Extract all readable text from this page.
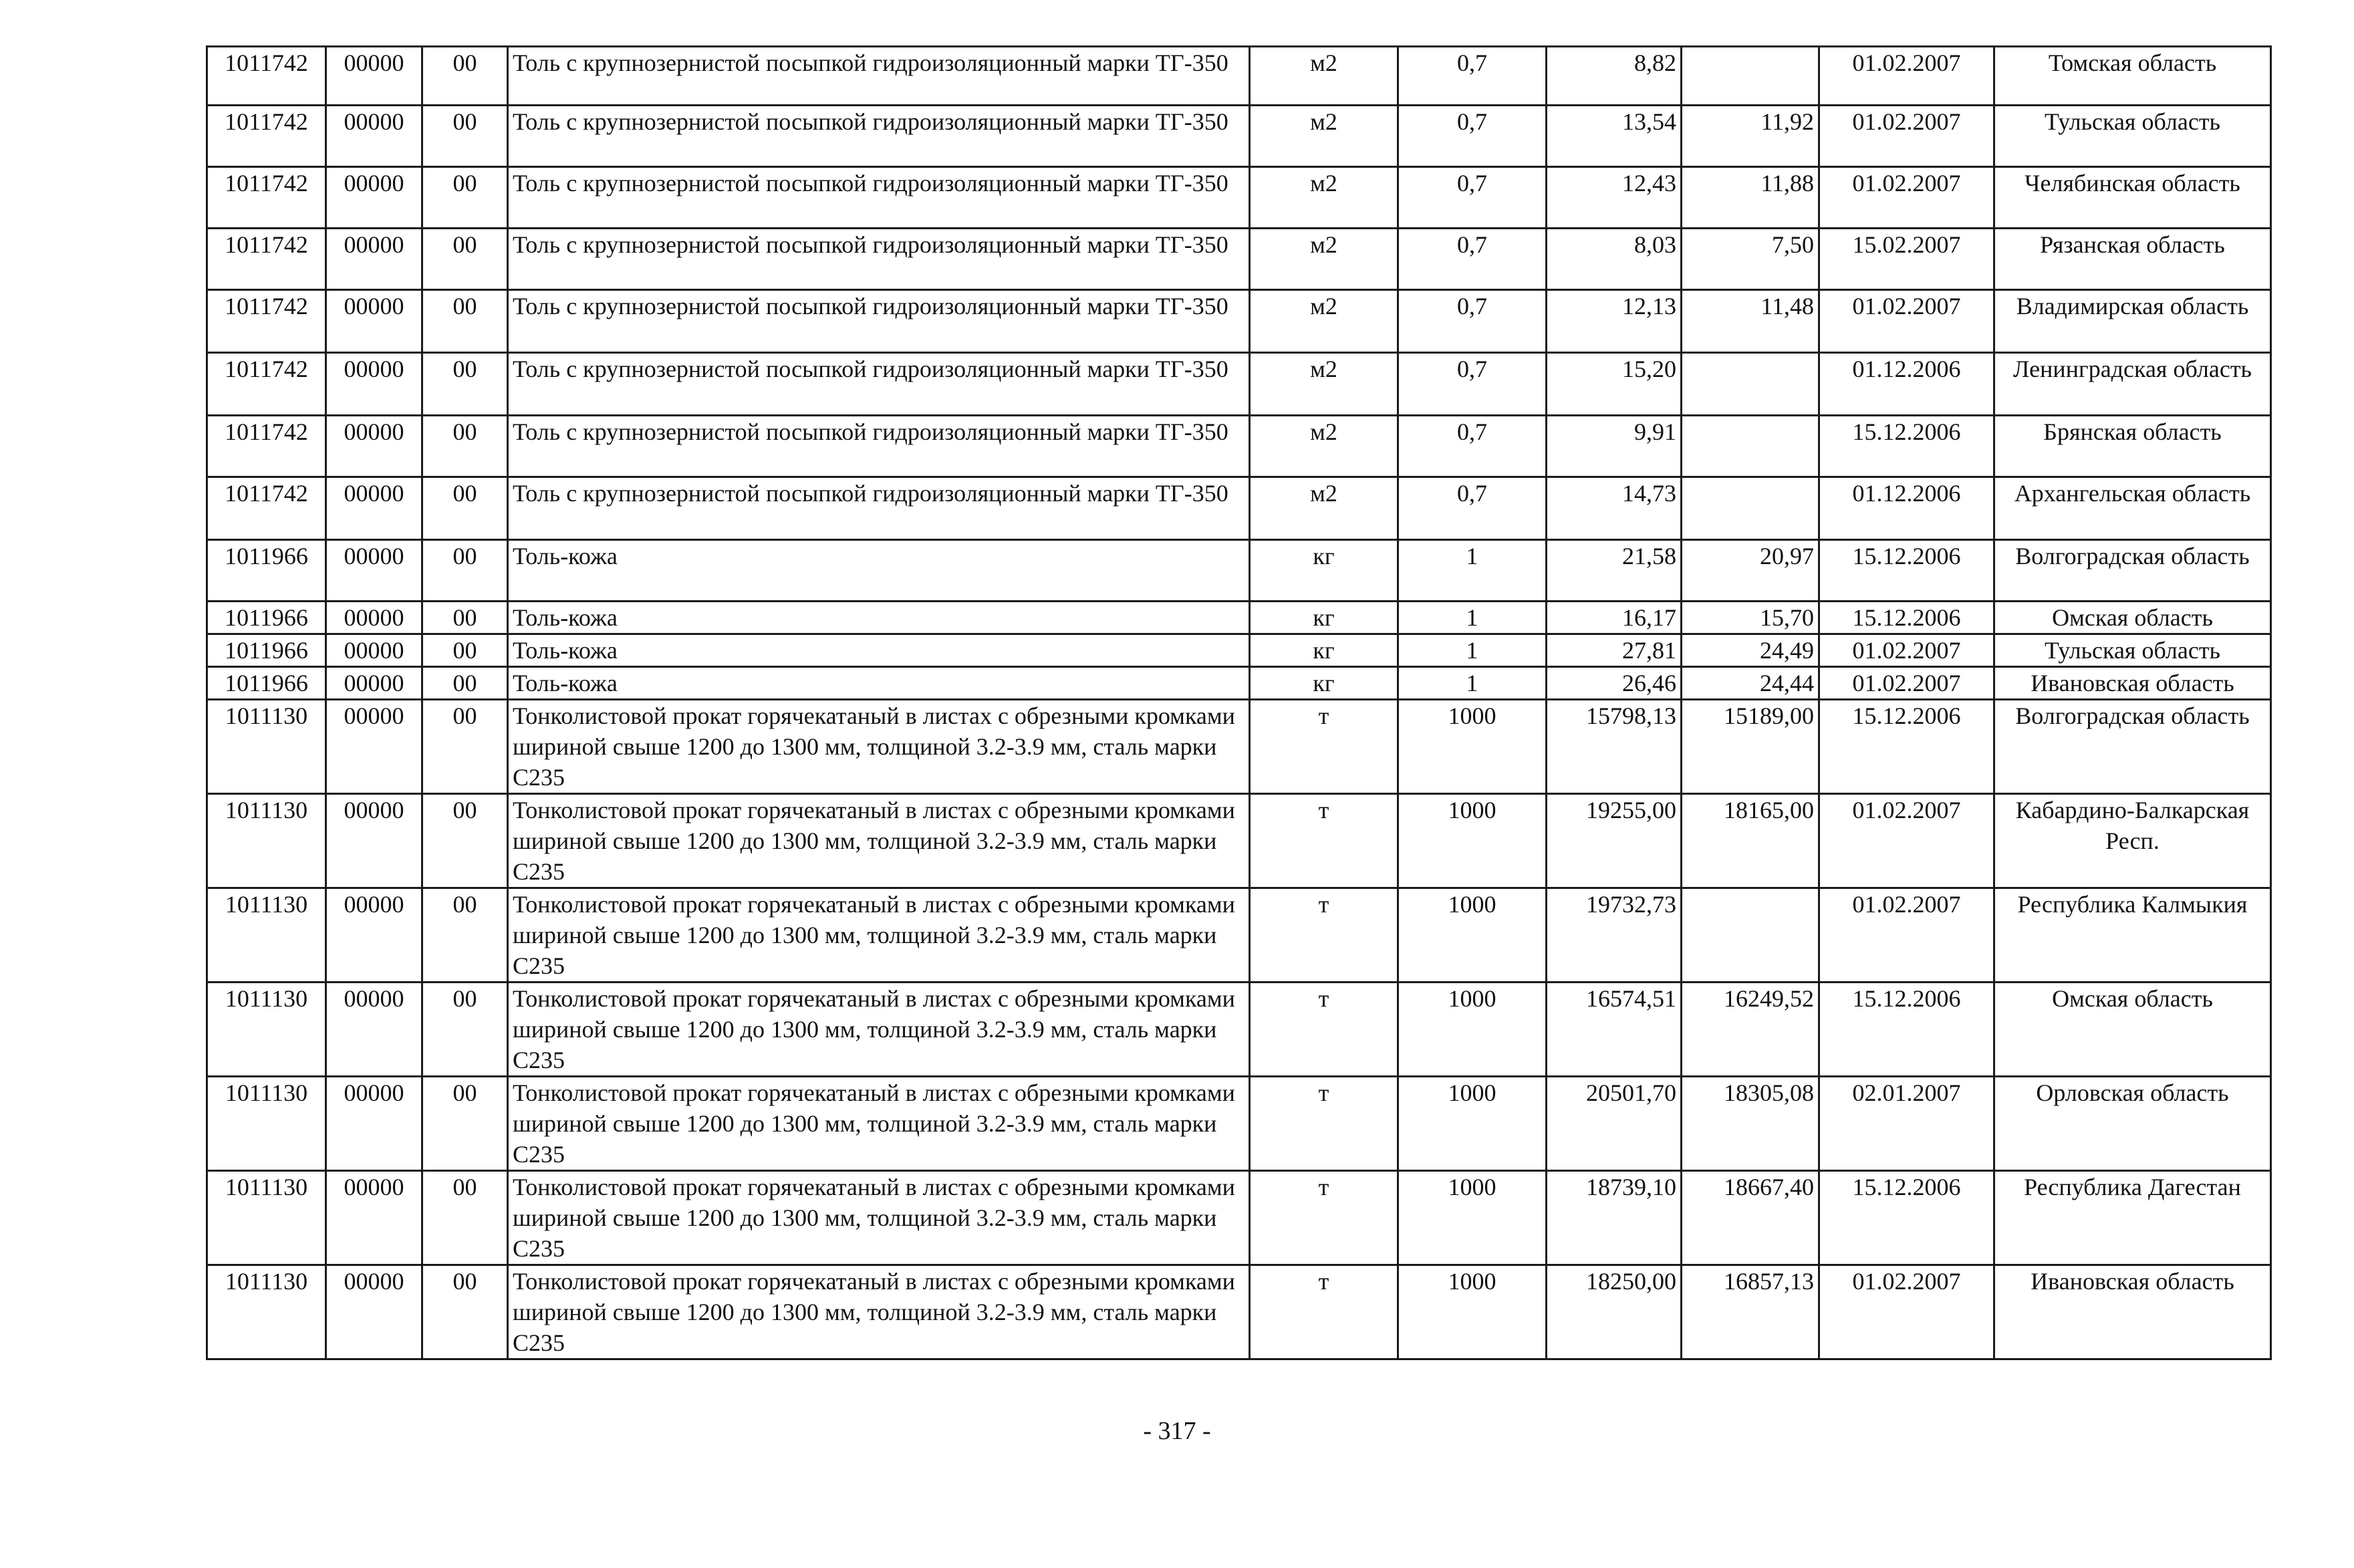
1011742	00000	00	Толь с крупнозернистой посыпкой гидроизоляционный марки ТГ-350	м2	0,7	8,82		01.02.2007	Томская область
1011742	00000	00	Толь с крупнозернистой посыпкой гидроизоляционный марки ТГ-350	м2	0,7	13,54	11,92	01.02.2007	Тульская область
1011742	00000	00	Толь с крупнозернистой посыпкой гидроизоляционный марки ТГ-350	м2	0,7	12,43	11,88	01.02.2007	Челябинская область
1011742	00000	00	Толь с крупнозернистой посыпкой гидроизоляционный марки ТГ-350	м2	0,7	8,03	7,50	15.02.2007	Рязанская область
1011742	00000	00	Толь с крупнозернистой посыпкой гидроизоляционный марки ТГ-350	м2	0,7	12,13	11,48	01.02.2007	Владимирская область
1011742	00000	00	Толь с крупнозернистой посыпкой гидроизоляционный марки ТГ-350	м2	0,7	15,20		01.12.2006	Ленинградская область
1011742	00000	00	Толь с крупнозернистой посыпкой гидроизоляционный марки ТГ-350	м2	0,7	9,91		15.12.2006	Брянская область
1011742	00000	00	Толь с крупнозернистой посыпкой гидроизоляционный марки ТГ-350	м2	0,7	14,73		01.12.2006	Архангельская область
1011966	00000	00	Толь-кожа	кг	1	21,58	20,97	15.12.2006	Волгоградская область
1011966	00000	00	Толь-кожа	кг	1	16,17	15,70	15.12.2006	Омская область
1011966	00000	00	Толь-кожа	кг	1	27,81	24,49	01.02.2007	Тульская область
1011966	00000	00	Толь-кожа	кг	1	26,46	24,44	01.02.2007	Ивановская область
1011130	00000	00	Тонколистовой прокат горячекатаный в листах с обрезными кромками шириной свыше 1200 до 1300 мм, толщиной 3.2-3.9 мм, сталь марки С235	т	1000	15798,13	15189,00	15.12.2006	Волгоградская область
1011130	00000	00	Тонколистовой прокат горячекатаный в листах с обрезными кромками шириной свыше 1200 до 1300 мм, толщиной 3.2-3.9 мм, сталь марки С235	т	1000	19255,00	18165,00	01.02.2007	Кабардино-Балкарская Респ.
1011130	00000	00	Тонколистовой прокат горячекатаный в листах с обрезными кромками шириной свыше 1200 до 1300 мм, толщиной 3.2-3.9 мм, сталь марки С235	т	1000	19732,73		01.02.2007	Республика Калмыкия
1011130	00000	00	Тонколистовой прокат горячекатаный в листах с обрезными кромками шириной свыше 1200 до 1300 мм, толщиной 3.2-3.9 мм, сталь марки С235	т	1000	16574,51	16249,52	15.12.2006	Омская область
1011130	00000	00	Тонколистовой прокат горячекатаный в листах с обрезными кромками шириной свыше 1200 до 1300 мм, толщиной 3.2-3.9 мм, сталь марки С235	т	1000	20501,70	18305,08	02.01.2007	Орловская область
1011130	00000	00	Тонколистовой прокат горячекатаный в листах с обрезными кромками шириной свыше 1200 до 1300 мм, толщиной 3.2-3.9 мм, сталь марки С235	т	1000	18739,10	18667,40	15.12.2006	Республика Дагестан
1011130	00000	00	Тонколистовой прокат горячекатаный в листах с обрезными кромками шириной свыше 1200 до 1300 мм, толщиной 3.2-3.9 мм, сталь марки С235	т	1000	18250,00	16857,13	01.02.2007	Ивановская область
- 317 -
